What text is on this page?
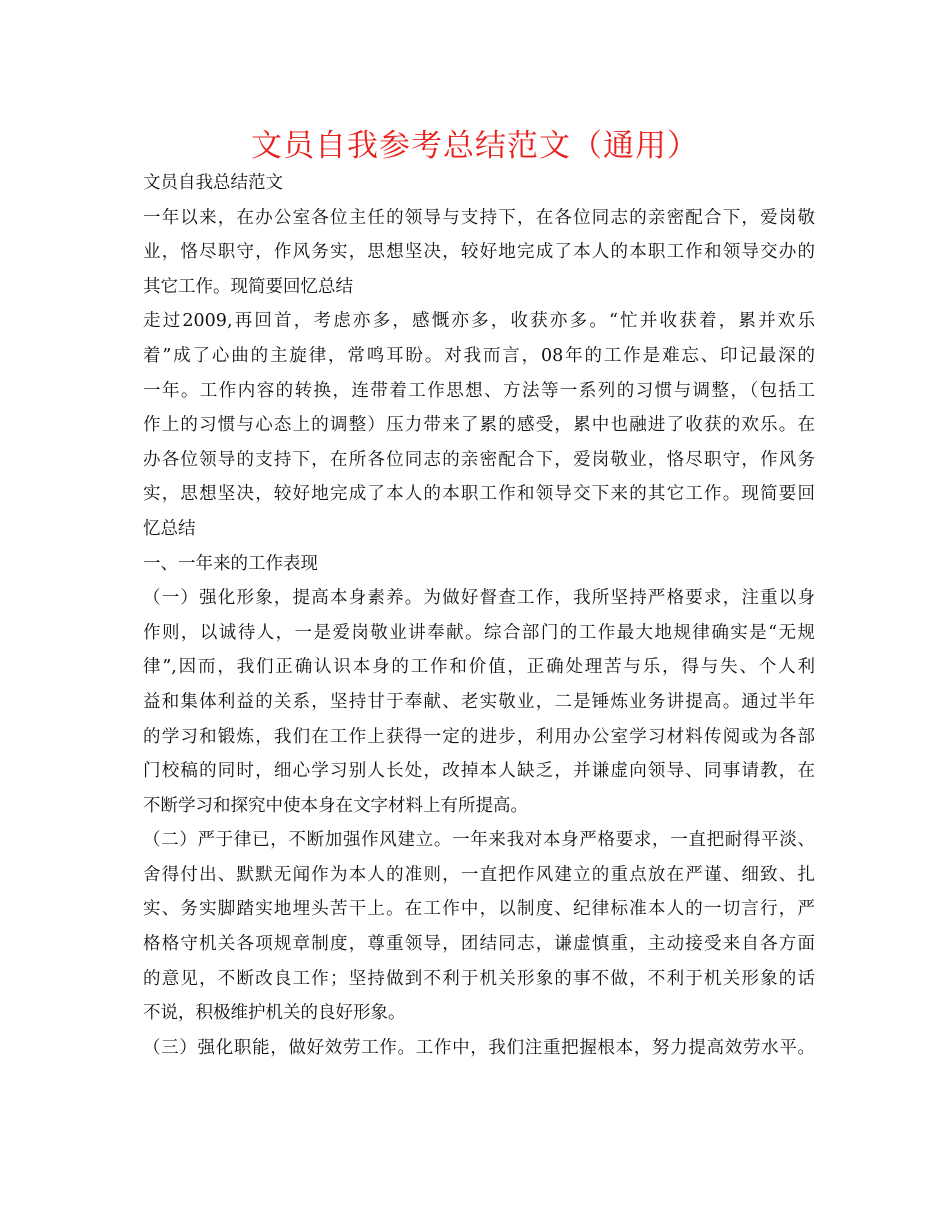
文员自我参考总结范文（通用）
文员自我总结范文
一年以来，在办公室各位主任的领导与支持下，在各位同志的亲密配合下，爱岗敬
业，恪尽职守，作风务实，思想坚决，较好地完成了本人的本职工作和领导交办的
其它工作。现简要回忆总结
走过2009,再回首，考虑亦多，感慨亦多，收获亦多。“忙并收获着，累并欢乐
着”成了心曲的主旋律，常鸣耳盼。对我而言，08年的工作是难忘、印记最深的
一年。工作内容的转换，连带着工作思想、方法等一系列的习惯与调整，（包括工
作上的习惯与心态上的调整）压力带来了累的感受，累中也融进了收获的欢乐。在
办各位领导的支持下，在所各位同志的亲密配合下，爱岗敬业，恪尽职守，作风务
实，思想坚决，较好地完成了本人的本职工作和领导交下来的其它工作。现简要回
忆总结
一、一年来的工作表现
（一）强化形象，提高本身素养。为做好督查工作，我所坚持严格要求，注重以身
作则，以诚待人，一是爱岗敬业讲奉献。综合部门的工作最大地规律确实是“无规
律”,因而，我们正确认识本身的工作和价值，正确处理苦与乐，得与失、个人利
益和集体利益的关系，坚持甘于奉献、老实敬业，二是锤炼业务讲提高。通过半年
的学习和锻炼，我们在工作上获得一定的进步，利用办公室学习材料传阅或为各部
门校稿的同时，细心学习别人长处，改掉本人缺乏，并谦虚向领导、同事请教，在
不断学习和探究中使本身在文字材料上有所提高。
（二）严于律已，不断加强作风建立。一年来我对本身严格要求，一直把耐得平淡、
舍得付出、默默无闻作为本人的准则，一直把作风建立的重点放在严谨、细致、扎
实、务实脚踏实地埋头苦干上。在工作中，以制度、纪律标准本人的一切言行，严
格格守机关各项规章制度，尊重领导，团结同志，谦虚慎重，主动接受来自各方面
的意见，不断改良工作；坚持做到不利于机关形象的事不做，不利于机关形象的话
不说，积极维护机关的良好形象。
（三）强化职能，做好效劳工作。工作中，我们注重把握根本，努力提高效劳水平。
